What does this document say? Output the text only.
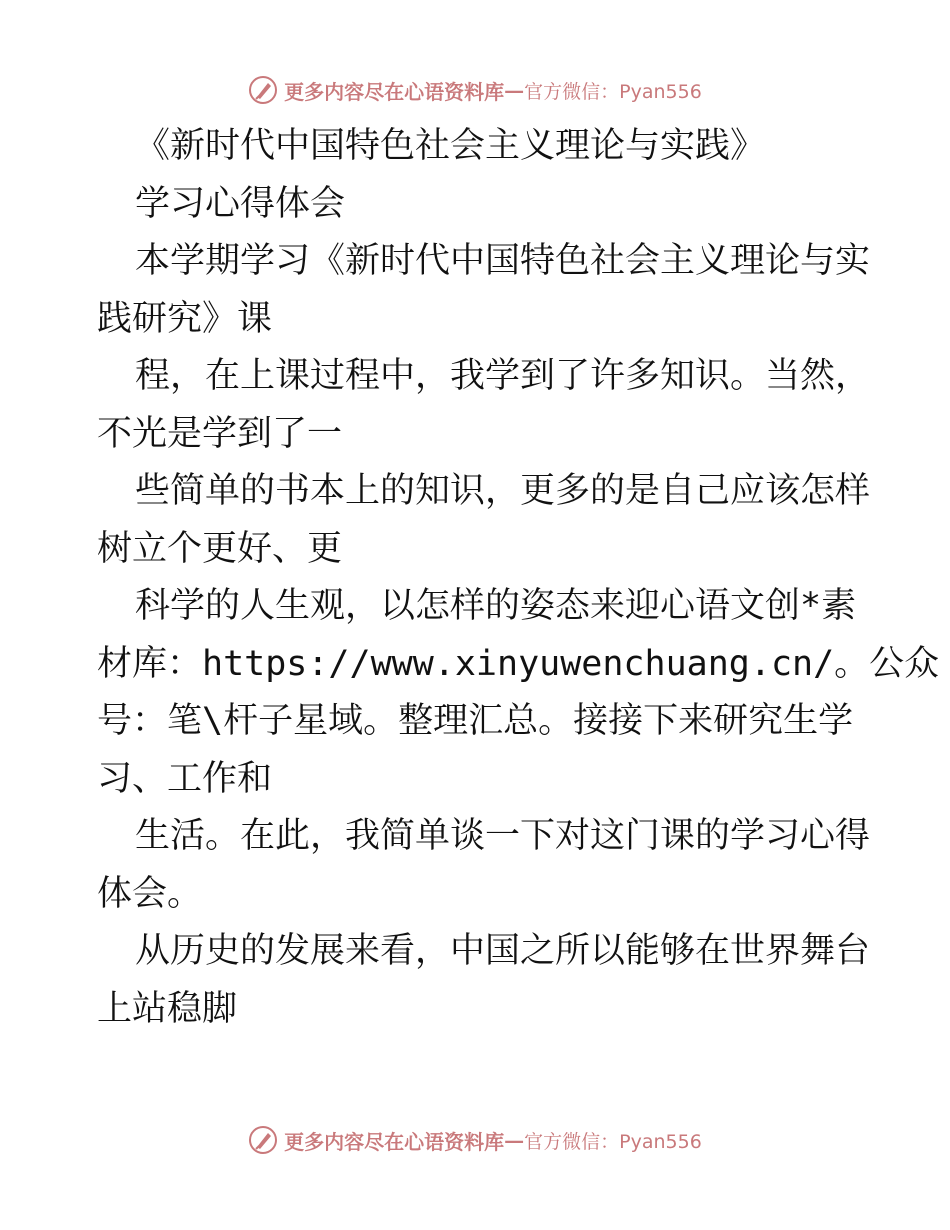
更多内容尽在心语资料库 — 官方微信：Pyan556
《新时代中国特色社会主义理论与实践》
学习心得体会
本学期学习《新时代中国特色社会主义理论与实
践研究》课
程，在上课过程中，我学到了许多知识。当然，
不光是学到了一
些简单的书本上的知识，更多的是自己应该怎样
树立个更好、更
科学的人生观，以怎样的姿态来迎心语文创*素
材库：https://www.xinyuwenchuang.cn/。公众
号：笔\杆子星域。整理汇总。接接下来研究生学
习、工作和
生活。在此，我简单谈一下对这门课的学习心得
体会。
从历史的发展来看，中国之所以能够在世界舞台
上站稳脚
更多内容尽在心语资料库 — 官方微信：Pyan556
